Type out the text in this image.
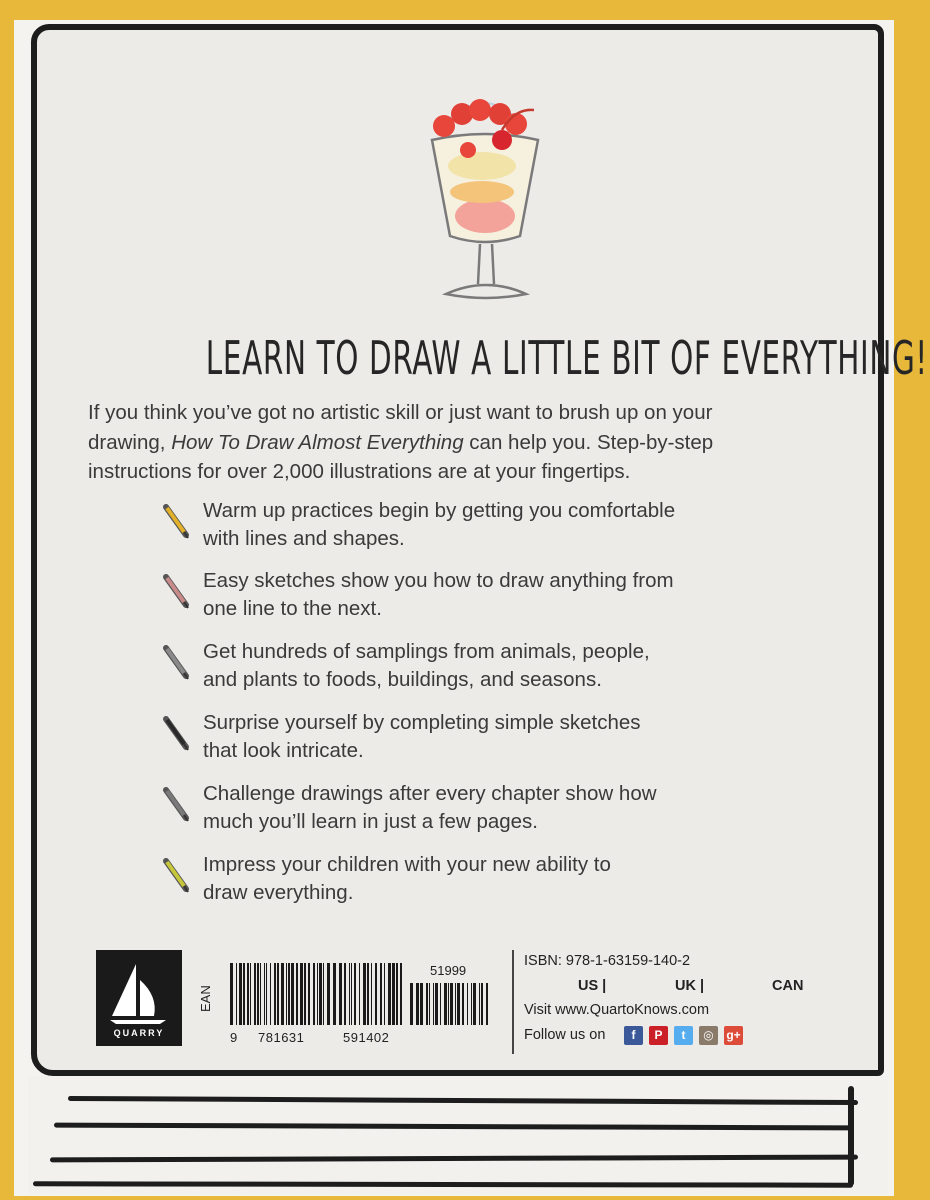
LEARN TO DRAW A LITTLE BIT OF EVERYTHING!
If you think you’ve got no artistic skill or just want to brush up on your
drawing, How To Draw Almost Everything can help you. Step-by-step
instructions for over 2,000 illustrations are at your fingertips.
Warm up practices begin by getting you comfortable
with lines and shapes.
Easy sketches show you how to draw anything from
one line to the next.
Get hundreds of samplings from animals, people,
and plants to foods, buildings, and seasons.
Surprise yourself by completing simple sketches
that look intricate.
Challenge drawings after every chapter show how
much you’ll learn in just a few pages.
Impress your children with your new ability to
draw everything.
QUARRY
EAN
9 781631	591402
51999
ISBN: 978-1-63159-140-2
US |	UK |	CAN
Visit www.QuartoKnows.com
Follow us on	f	P	t	◎	g+
